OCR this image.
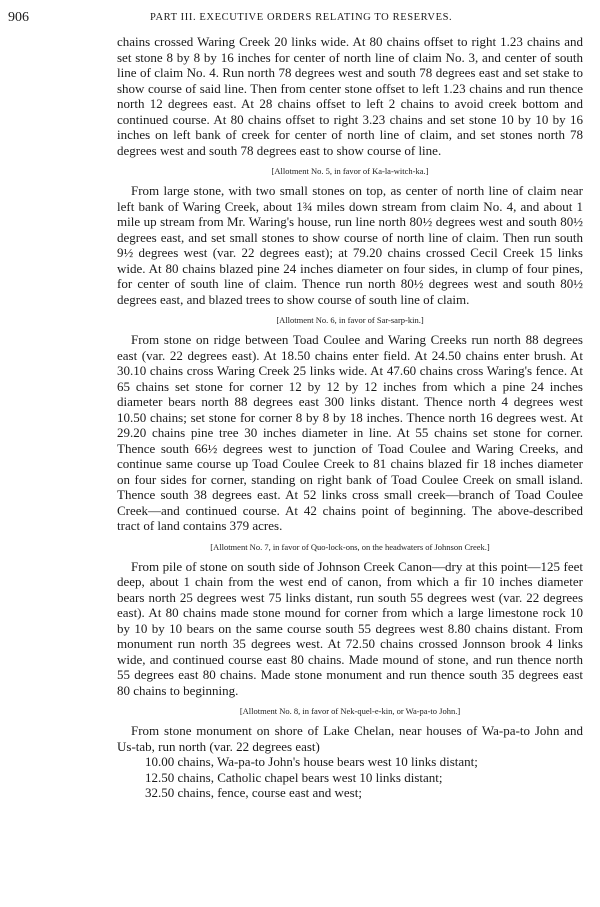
906	PART III. EXECUTIVE ORDERS RELATING TO RESERVES.

chains crossed Waring Creek 20 links wide. At 80 chains offset to right 1.23 chains and set stone 8 by 8 by 16 inches for center of north line of claim No. 3, and center of south line of claim No. 4. Run north 78 degrees west and south 78 degrees east and set stake to show course of said line. Then from center stone offset to left 1.23 chains and run thence north 12 degrees east. At 28 chains offset to left 2 chains to avoid creek bottom and continued course. At 80 chains offset to right 3.23 chains and set stone 10 by 10 by 16 inches on left bank of creek for center of north line of claim, and set stones north 78 degrees west and south 78 degrees east to show course of line.

[Allotment No. 5, in favor of Ka-la-witch-ka.]

From large stone, with two small stones on top, as center of north line of claim near left bank of Waring Creek, about 1¾ miles down stream from claim No. 4, and about 1 mile up stream from Mr. Waring's house, run line north 80½ degrees west and south 80½ degrees east, and set small stones to show course of north line of claim. Then run south 9½ degrees west (var. 22 degrees east); at 79.20 chains crossed Cecil Creek 15 links wide. At 80 chains blazed pine 24 inches diameter on four sides, in clump of four pines, for center of south line of claim. Thence run north 80½ degrees west and south 80½ degrees east, and blazed trees to show course of south line of claim.

[Allotment No. 6, in favor of Sar-sarp-kin.]

From stone on ridge between Toad Coulee and Waring Creeks run north 88 degrees east (var. 22 degrees east). At 18.50 chains enter field. At 24.50 chains enter brush. At 30.10 chains cross Waring Creek 25 links wide. At 47.60 chains cross Waring's fence. At 65 chains set stone for corner 12 by 12 by 12 inches from which a pine 24 inches diameter bears north 88 degrees east 300 links distant. Thence north 4 degrees west 10.50 chains; set stone for corner 8 by 8 by 18 inches. Thence north 16 degrees west. At 29.20 chains pine tree 30 inches diameter in line. At 55 chains set stone for corner. Thence south 66½ degrees west to junction of Toad Coulee and Waring Creeks, and continue same course up Toad Coulee Creek to 81 chains blazed fir 18 inches diameter on four sides for corner, standing on right bank of Toad Coulee Creek on small island. Thence south 38 degrees east. At 52 links cross small creek—branch of Toad Coulee Creek—and continued course. At 42 chains point of beginning. The above-described tract of land contains 379 acres.

[Allotment No. 7, in favor of Quo-lock-ons, on the headwaters of Johnson Creek.]

From pile of stone on south side of Johnson Creek Canon—dry at this point—125 feet deep, about 1 chain from the west end of canon, from which a fir 10 inches diameter bears north 25 degrees west 75 links distant, run south 55 degrees west (var. 22 degrees east). At 80 chains made stone mound for corner from which a large limestone rock 10 by 10 by 10 bears on the same course south 55 degrees west 8.80 chains distant. From monument run north 35 degrees west. At 72.50 chains crossed Jonnson brook 4 links wide, and continued course east 80 chains. Made mound of stone, and run thence north 55 degrees east 80 chains. Made stone monument and run thence south 35 degrees east 80 chains to beginning.

[Allotment No. 8, in favor of Nek-quel-e-kin, or Wa-pa-to John.]

From stone monument on shore of Lake Chelan, near houses of Wa-pa-to John and Us-tab, run north (var. 22 degrees east)

10.00 chains, Wa-pa-to John's house bears west 10 links distant;
12.50 chains, Catholic chapel bears west 10 links distant;
32.50 chains, fence, course east and west;
